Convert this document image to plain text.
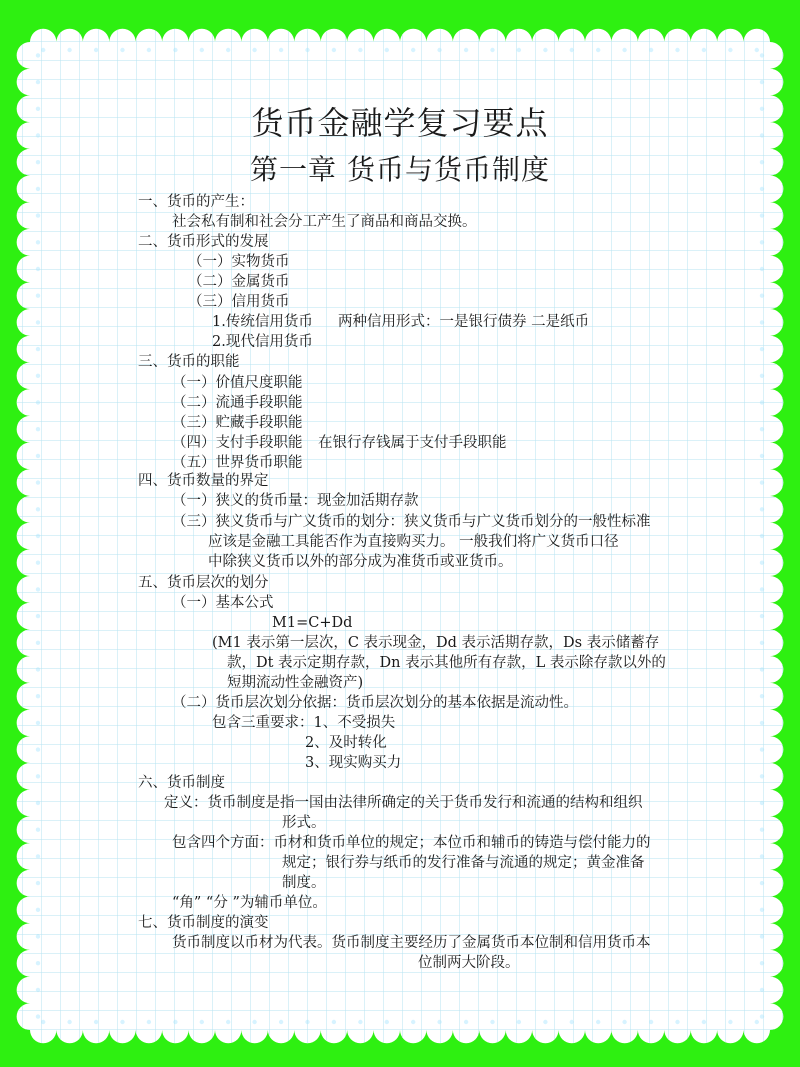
货币金融学复习要点
第一章 货币与货币制度
一、货币的产生：
社会私有制和社会分工产生了商品和商品交换。
二、货币形式的发展
（一）实物货币
（二）金属货币
（三）信用货币
1.传统信用货币 两种信用形式：一是银行债券 二是纸币
2.现代信用货币
三、货币的职能
（一）价值尺度职能
（二）流通手段职能
（三）贮藏手段职能
（四）支付手段职能 在银行存钱属于支付手段职能
（五）世界货币职能
四、货币数量的界定
（一）狭义的货币量：现金加活期存款
（三）狭义货币与广义货币的划分：狭义货币与广义货币划分的一般性标准
应该是金融工具能否作为直接购买力。 一般我们将广义货币口径
中除狭义货币以外的部分成为准货币或亚货币。
五、货币层次的划分
（一）基本公式
M1=C+Dd
(M1 表示第一层次，C 表示现金，Dd 表示活期存款，Ds 表示储蓄存
款，Dt 表示定期存款，Dn 表示其他所有存款，L 表示除存款以外的
短期流动性金融资产)
（二）货币层次划分依据：货币层次划分的基本依据是流动性。
包含三重要求：1、不受损失
2、及时转化
3、现实购买力
六、货币制度
定义：货币制度是指一国由法律所确定的关于货币发行和流通的结构和组织
形式。
包含四个方面：币材和货币单位的规定；本位币和辅币的铸造与偿付能力的
规定；银行券与纸币的发行准备与流通的规定；黄金准备
制度。
“角” “分 ”为辅币单位。
七、货币制度的演变
货币制度以币材为代表。货币制度主要经历了金属货币本位制和信用货币本
位制两大阶段。
